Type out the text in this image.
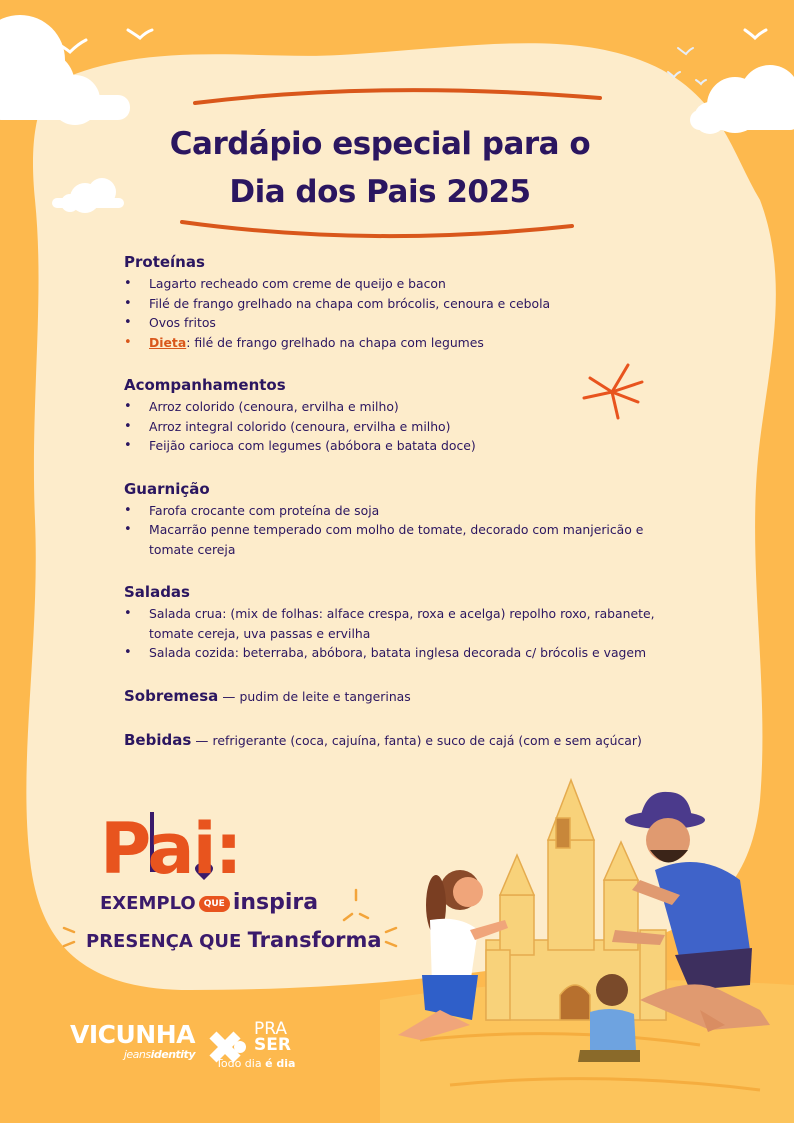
Cardápio especial para o
Dia dos Pais 2025
Proteínas
• Lagarto recheado com creme de queijo e bacon
• Filé de frango grelhado na chapa com brócolis, cenoura e cebola
• Ovos fritos
• Dieta: filé de frango grelhado na chapa com legumes
Acompanhamentos
• Arroz colorido (cenoura, ervilha e milho)
• Arroz integral colorido (cenoura, ervilha e milho)
• Feijão carioca com legumes (abóbora e batata doce)
Guarnição
• Farofa crocante com proteína de soja
• Macarrão penne temperado com molho de tomate, decorado com manjericão e tomate cereja
Saladas
• Salada crua: (mix de folhas: alface crespa, roxa e acelga) repolho roxo, rabanete, tomate cereja, uva passas e ervilha
• Salada cozida: beterraba, abóbora, batata inglesa decorada c/ brócolis e vagem
Sobremesa — pudim de leite e tangerinas
Bebidas — refrigerante (coca, cajuína, fanta) e suco de cajá (com e sem açúcar)
Pai:
EXEMPLO QUE inspira
PRESENÇA QUE Transforma
VICUNHA
jeansidentity
PRA
SER
Todo dia é dia
